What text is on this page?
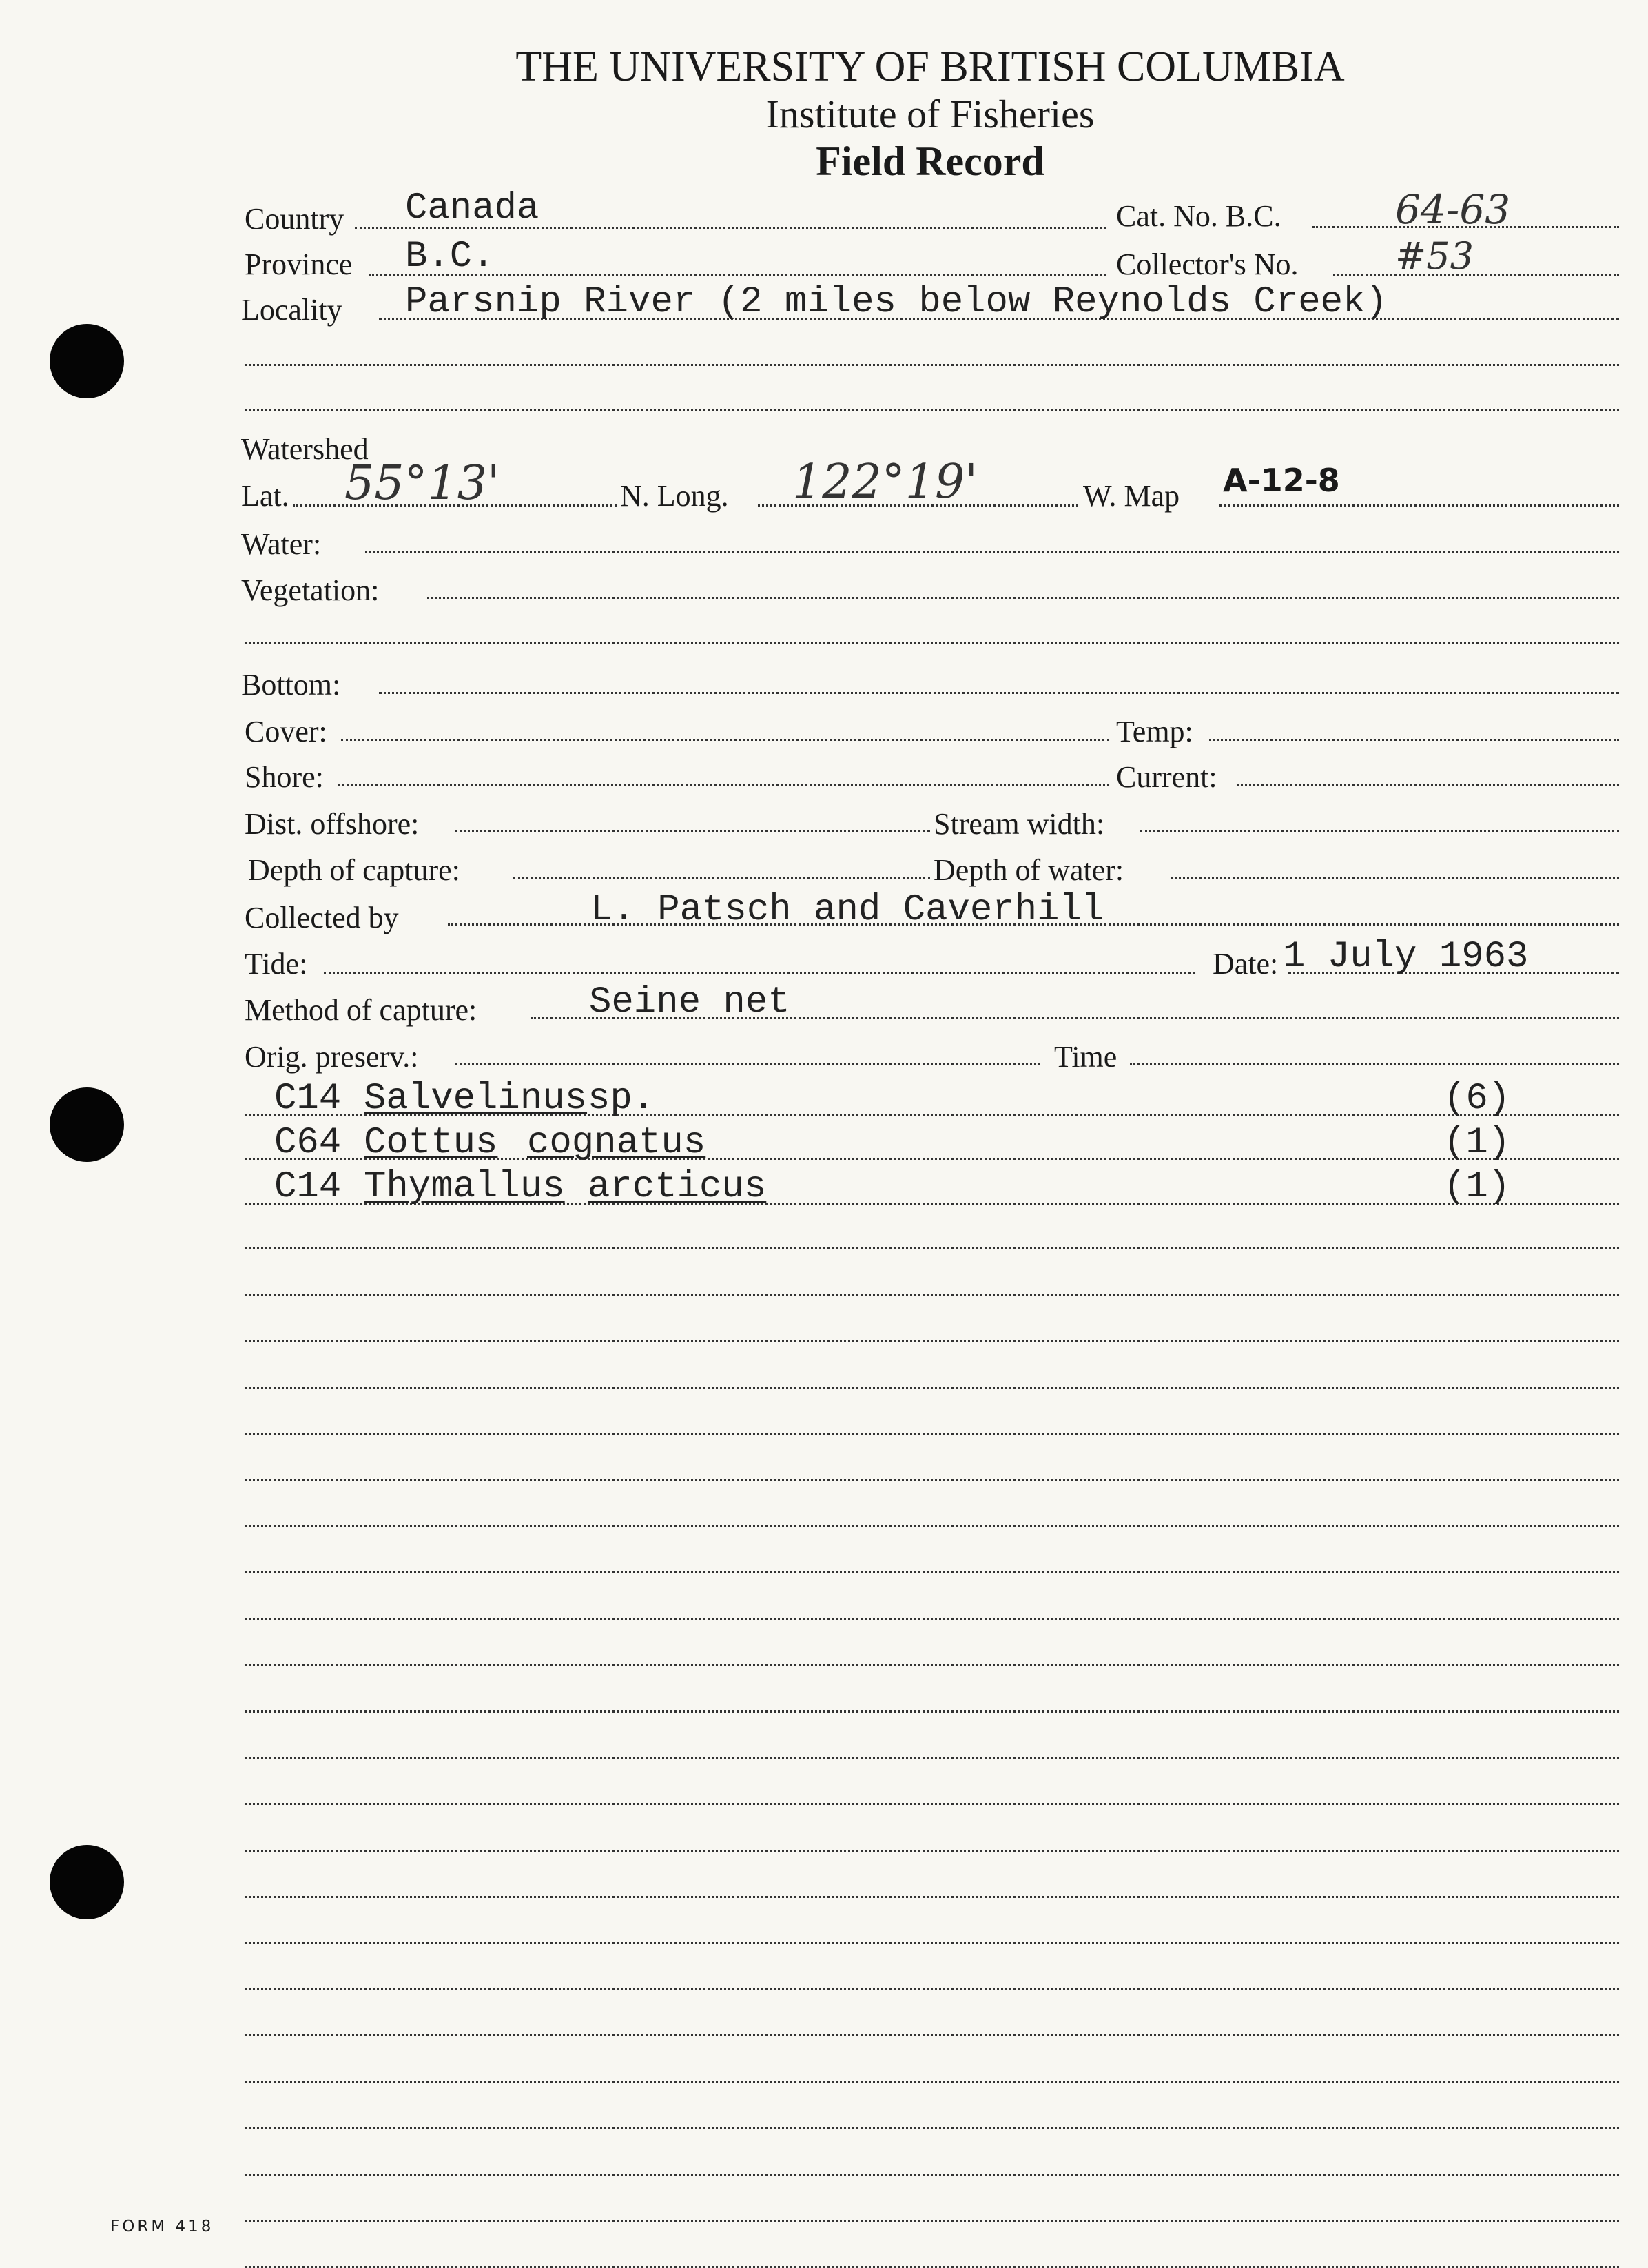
THE UNIVERSITY OF BRITISH COLUMBIA
Institute of Fisheries
Field Record
Country Canada	Cat. No. B.C.	64-63
Province B.C.	Collector's No.	#53
Locality Parsnip River (2 miles below Reynolds Creek)
Watershed
Lat. 55°13'	N. Long. 122°19'	W. Map A-12-8
Water:
Vegetation:
Bottom:
Cover:	Temp:
Shore:	Current:
Dist. offshore:	Stream width:
Depth of capture:	Depth of water:
Collected by	L. Patsch and Caverhill
Tide:	Date: 1 July 1963
Method of capture:	Seine net
Orig. preserv.:	Time
C14 Salvelinus sp.	(6)
C64 Cottus cognatus	(1)
C14 Thymallus arcticus	(1)
FORM 418
